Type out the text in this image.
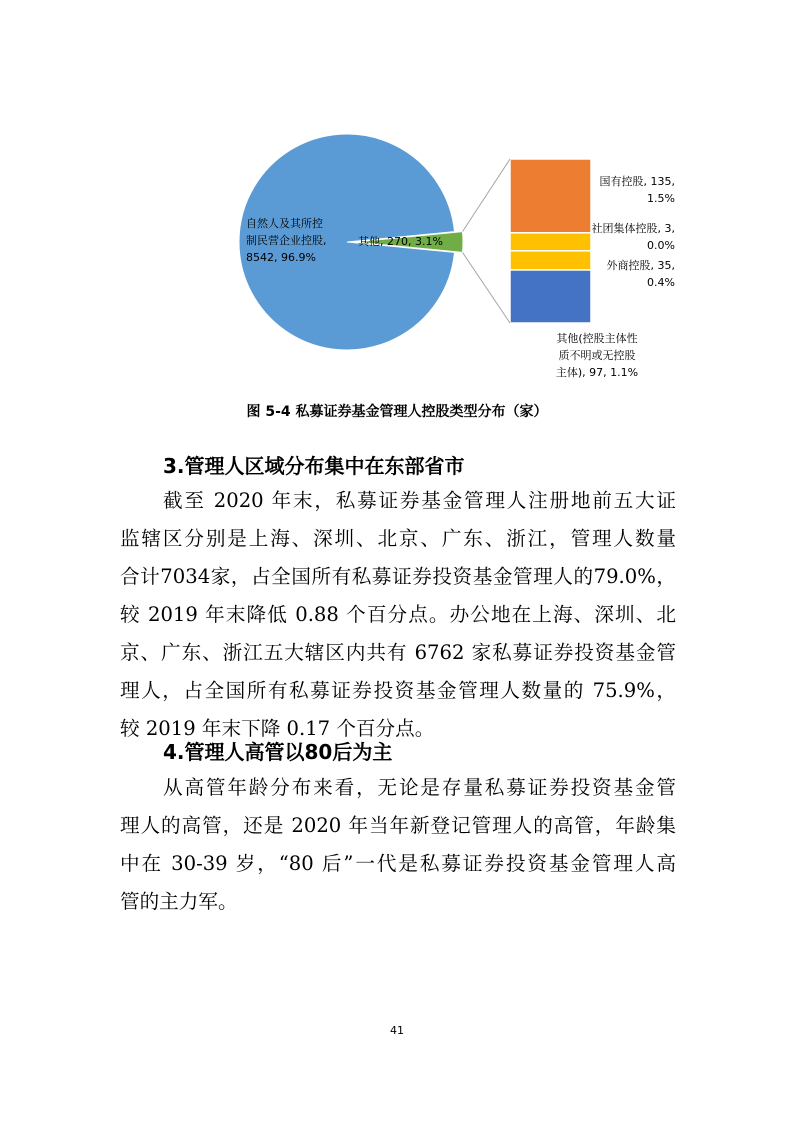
自然人及其所控制民营企业控股, 8542, 96.9%
其他, 270, 3.1%
国有控股, 135, 1.5%
社团集体控股, 3, 0.0%
外商控股, 35, 0.4%
其他(控股主体性质不明或无控股主体), 97, 1.1%
图 5-4 私募证券基金管理人控股类型分布（家）
3.管理人区域分布集中在东部省市
截至 2020 年末，私募证券基金管理人注册地前五大证
监辖区分别是上海、深圳、北京、广东、浙江，管理人数量
合计7034家，占全国所有私募证券投资基金管理人的79.0%，
较 2019 年末降低 0.88 个百分点。办公地在上海、深圳、北
京、广东、浙江五大辖区内共有 6762 家私募证券投资基金管
理人，占全国所有私募证券投资基金管理人数量的 75.9%，
较 2019 年末下降 0.17 个百分点。
4.管理人高管以80后为主
从高管年龄分布来看，无论是存量私募证券投资基金管
理人的高管，还是 2020 年当年新登记管理人的高管，年龄集
中在 30-39 岁，“80 后”一代是私募证券投资基金管理人高
管的主力军。
41
